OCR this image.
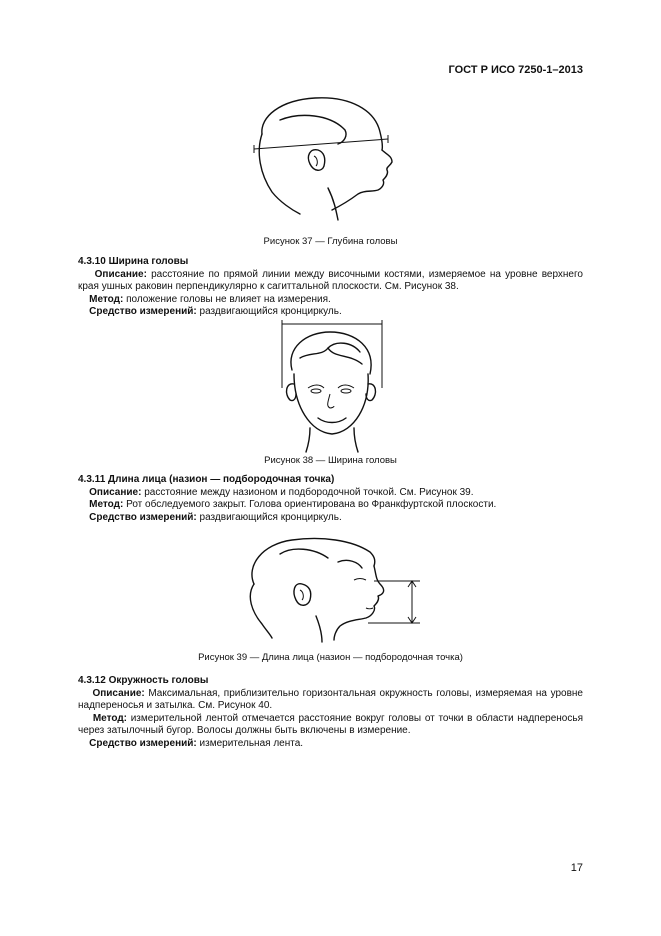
ГОСТ Р ИСО 7250-1–2013
Рисунок 37 — Глубина головы

4.3.10 Ширина головы

Описание: расстояние по прямой линии между височными костями, измеряемое на уровне верхнего края ушных раковин перпендикулярно к сагиттальной плоскости. См. Рисунок 38.

Метод: положение головы не влияет на измерения.

Средство измерений: раздвигающийся кронциркуль.

Рисунок 38 — Ширина головы

4.3.11 Длина лица (назион — подбородочная точка)

Описание: расстояние между назионом и подбородочной точкой. См. Рисунок 39.

Метод: Рот обследуемого закрыт. Голова ориентирована во Франкфуртской плоскости.

Средство измерений: раздвигающийся кронциркуль.

Рисунок 39 — Длина лица (назион — подбородочная точка)

4.3.12 Окружность головы

Описание: Максимальная, приблизительно горизонтальная окружность головы, измеряемая на уровне надпереносья и затылка. См. Рисунок 40.

Метод: измерительной лентой отмечается расстояние вокруг головы от точки в области надпереносья через затылочный бугор. Волосы должны быть включены в измерение.

Средство измерений: измерительная лента.

17
